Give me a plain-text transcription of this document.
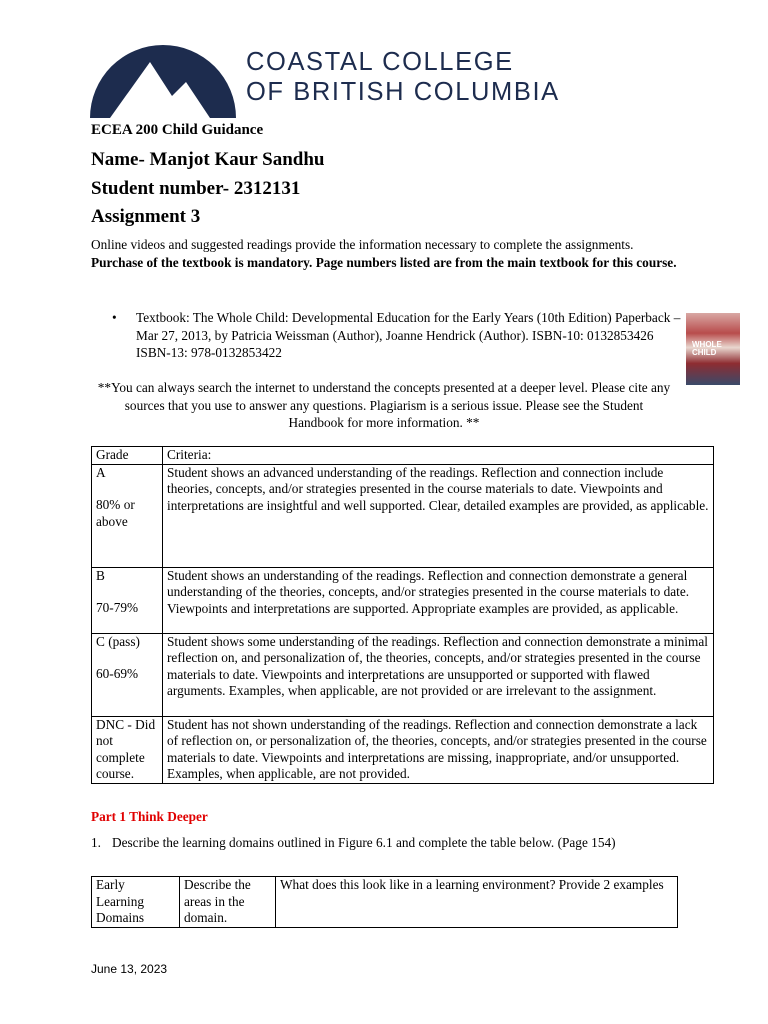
COASTAL COLLEGE
OF BRITISH COLUMBIA
ECEA 200 Child Guidance
Name- Manjot Kaur Sandhu
Student number- 2312131
Assignment 3
Online videos and suggested readings provide the information necessary to complete the assignments.
Purchase of the textbook is mandatory. Page numbers listed are from the main textbook for this course.
• Textbook: The Whole Child: Developmental Education for the Early Years (10th Edition) Paperback – Mar 27, 2013, by Patricia Weissman (Author), Joanne Hendrick (Author). ISBN-10: 0132853426 ISBN-13: 978-0132853422
WHOLE CHILD
**You can always search the internet to understand the concepts presented at a deeper level. Please cite any sources that you use to answer any questions. Plagiarism is a serious issue. Please see the Student Handbook for more information. **
Grade	Criteria:

A
80% or above	Student shows an advanced understanding of the readings. Reflection and connection include theories, concepts, and/or strategies presented in the course materials to date. Viewpoints and interpretations are insightful and well supported. Clear, detailed examples are provided, as applicable.

B
70-79%	Student shows an understanding of the readings. Reflection and connection demonstrate a general understanding of the theories, concepts, and/or strategies presented in the course materials to date. Viewpoints and interpretations are supported. Appropriate examples are provided, as applicable.

C (pass)
60-69%	Student shows some understanding of the readings. Reflection and connection demonstrate a minimal reflection on, and personalization of, the theories, concepts, and/or strategies presented in the course materials to date. Viewpoints and interpretations are unsupported or supported with flawed arguments. Examples, when applicable, are not provided or are irrelevant to the assignment.

DNC - Did not complete course.	Student has not shown understanding of the readings. Reflection and connection demonstrate a lack of reflection on, or personalization of, the theories, concepts, and/or strategies presented in the course materials to date. Viewpoints and interpretations are missing, inappropriate, and/or unsupported. Examples, when applicable, are not provided.
Part 1 Think Deeper
1. Describe the learning domains outlined in Figure 6.1 and complete the table below. (Page 154)
Early Learning Domains	Describe the areas in the domain.	What does this look like in a learning environment? Provide 2 examples
June 13, 2023
